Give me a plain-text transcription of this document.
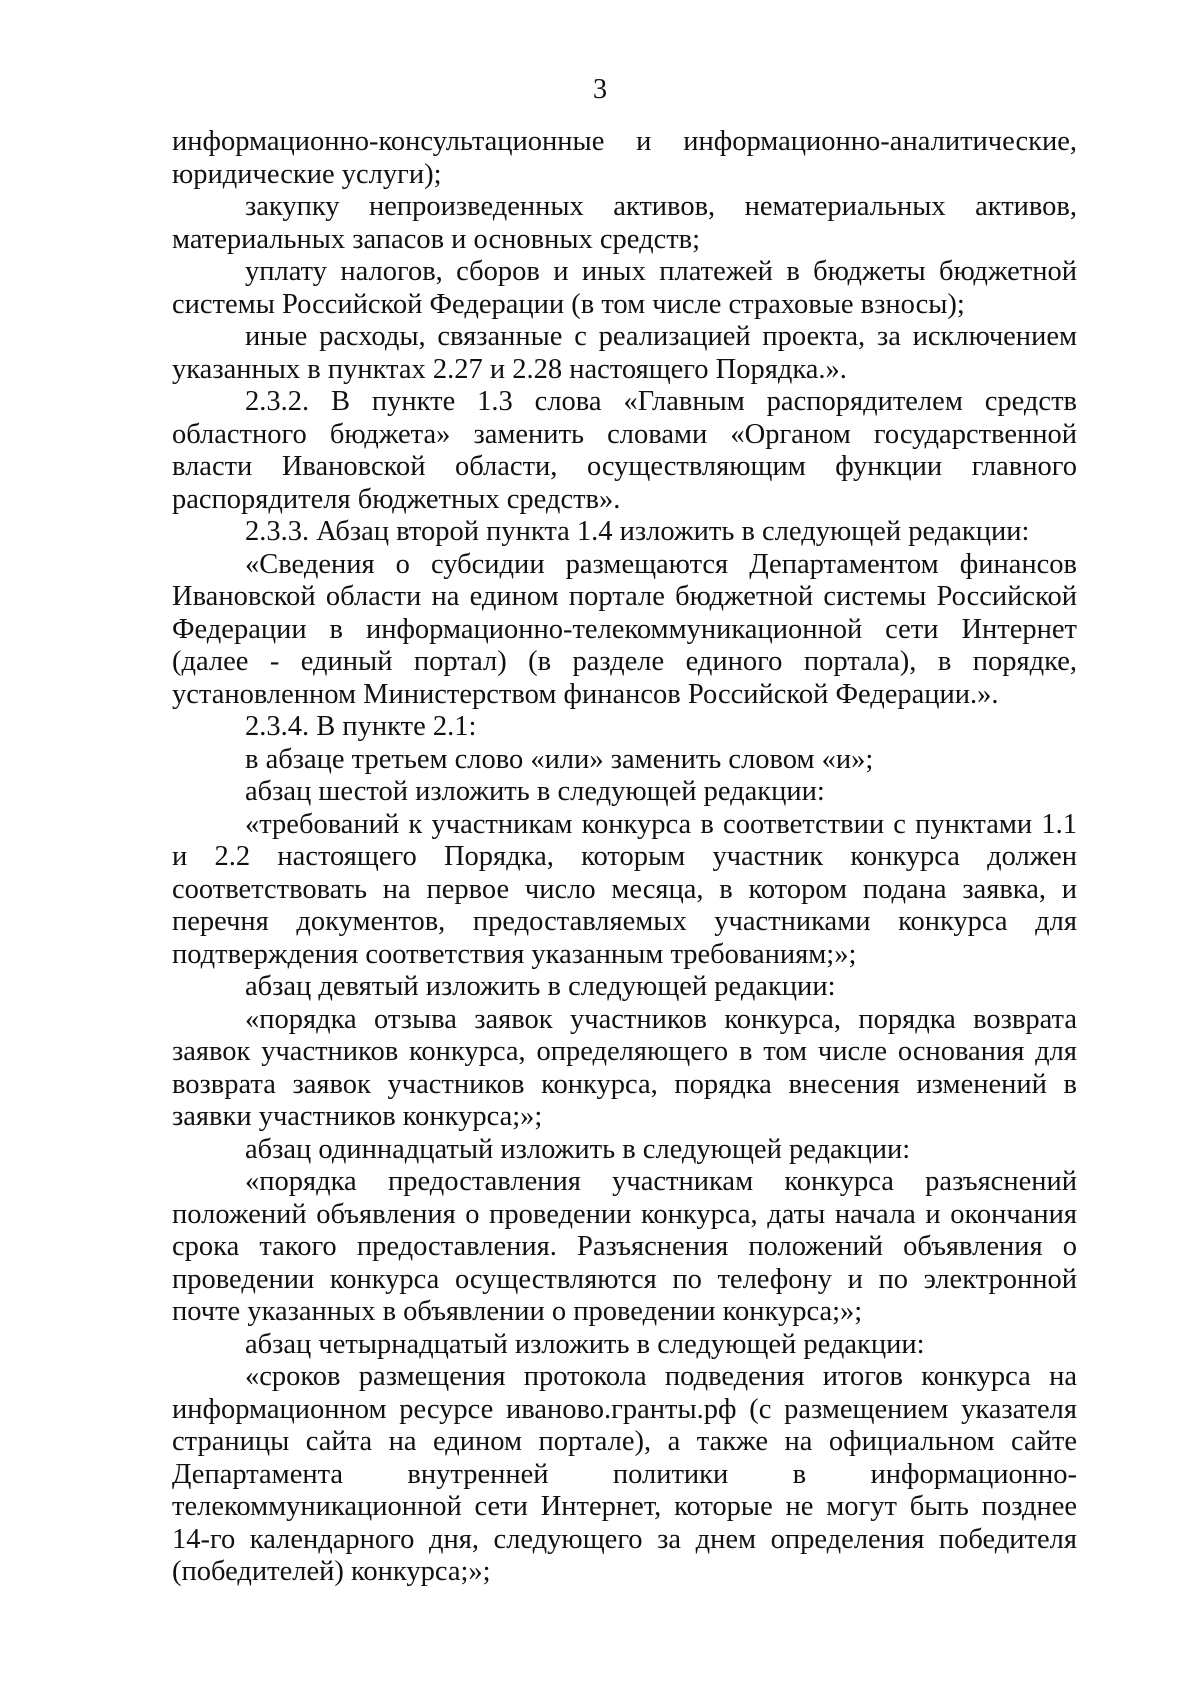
3

информационно-консультационные и информационно-аналитические, юридические услуги);

закупку непроизведенных активов, нематериальных активов, материальных запасов и основных средств;

уплату налогов, сборов и иных платежей в бюджеты бюджетной системы Российской Федерации (в том числе страховые взносы);

иные расходы, связанные с реализацией проекта, за исключением указанных в пунктах 2.27 и 2.28 настоящего Порядка.».

2.3.2. В пункте 1.3 слова «Главным распорядителем средств областного бюджета» заменить словами «Органом государственной власти Ивановской области, осуществляющим функции главного распорядителя бюджетных средств».

2.3.3. Абзац второй пункта 1.4 изложить в следующей редакции:

«Сведения о субсидии размещаются Департаментом финансов Ивановской области на едином портале бюджетной системы Российской Федерации в информационно-телекоммуникационной сети Интернет (далее - единый портал) (в разделе единого портала), в порядке, установленном Министерством финансов Российской Федерации.».

2.3.4. В пункте 2.1:

в абзаце третьем слово «или» заменить словом «и»;

абзац шестой изложить в следующей редакции:

«требований к участникам конкурса в соответствии с пунктами 1.1 и 2.2 настоящего Порядка, которым участник конкурса должен соответствовать на первое число месяца, в котором подана заявка, и перечня документов, предоставляемых участниками конкурса для подтверждения соответствия указанным требованиям;»;

абзац девятый изложить в следующей редакции:

«порядка отзыва заявок участников конкурса, порядка возврата заявок участников конкурса, определяющего в том числе основания для возврата заявок участников конкурса, порядка внесения изменений в заявки участников конкурса;»;

абзац одиннадцатый изложить в следующей редакции:

«порядка предоставления участникам конкурса разъяснений положений объявления о проведении конкурса, даты начала и окончания срока такого предоставления. Разъяснения положений объявления о проведении конкурса осуществляются по телефону и по электронной почте указанных в объявлении о проведении конкурса;»;

абзац четырнадцатый изложить в следующей редакции:

«сроков размещения протокола подведения итогов конкурса на информационном ресурсе иваново.гранты.рф (с размещением указателя страницы сайта на едином портале), а также на официальном сайте Департамента внутренней политики в информационно-телекоммуникационной сети Интернет, которые не могут быть позднее 14-го календарного дня, следующего за днем определения победителя (победителей) конкурса;»;
